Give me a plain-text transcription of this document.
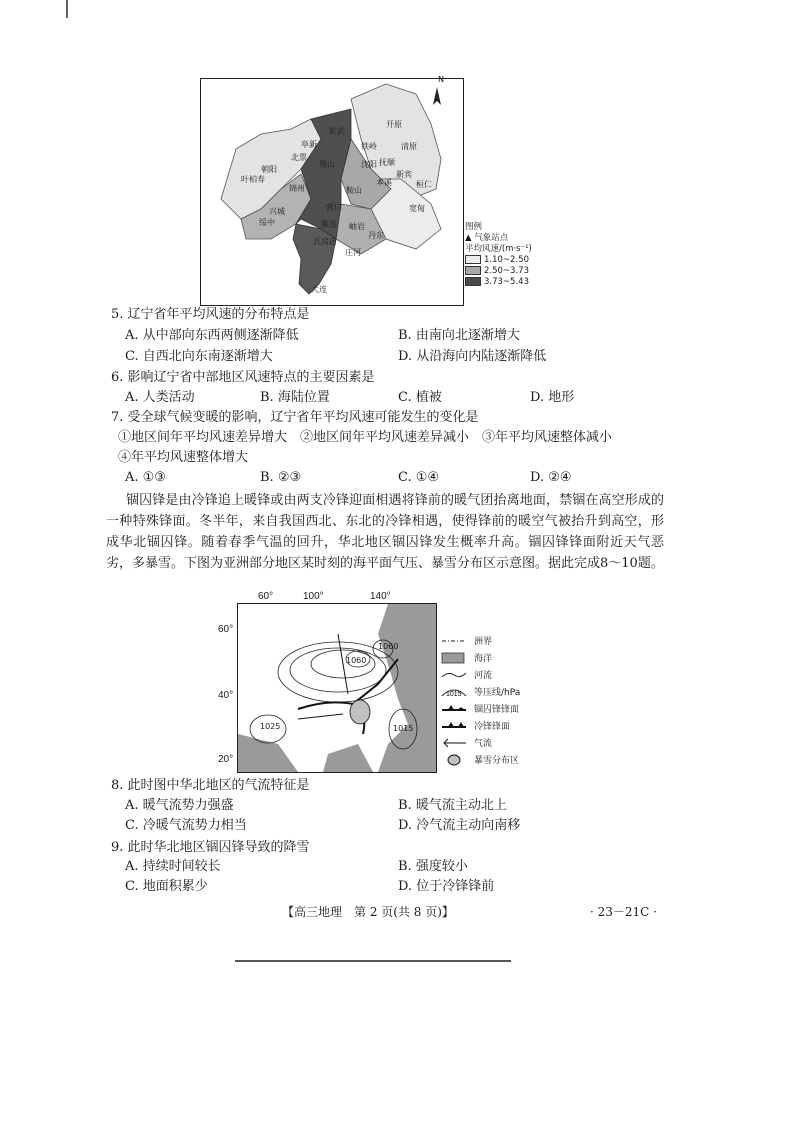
N
彰武
开原
阜新	铁岭	清原
抚顺
北票
黑山	沈阳
新宾
朝阳
叶柏寿	本溪
鞍山
桓仁
锦州
绥中
兴城	营口	宽甸
熊岳 岫岩
丹东
瓦房店
庄河
大连
图例
▲ 气象站点
平均风速/(m·s⁻¹)
1.10~2.50
2.50~3.73
3.73~5.43
5. 辽宁省年平均风速的分布特点是
A. 从中部向东西两侧逐渐降低	B. 由南向北逐渐增大
C. 自西北向东南逐渐增大	D. 从沿海向内陆逐渐降低
6. 影响辽宁省中部地区风速特点的主要因素是
A. 人类活动	B. 海陆位置	C. 植被	D. 地形
7. 受全球气候变暖的影响，辽宁省年平均风速可能发生的变化是
①地区间年平均风速差异增大　②地区间年平均风速差异减小　③年平均风速整体减小
④年平均风速整体增大
A. ①③	B. ②③	C. ①④	D. ②④
锢囚锋是由冷锋追上暖锋或由两支冷锋迎面相遇将锋前的暖气团抬离地面，禁锢在高空形成的一种特殊锋面。冬半年，来自我国西北、东北的冷锋相遇，使得锋前的暖空气被抬升到高空，形成华北锢囚锋。随着春季气温的回升，华北地区锢囚锋发生概率升高。锢囚锋锋面附近天气恶劣，多暴雪。下图为亚洲部分地区某时刻的海平面气压、暴雪分布区示意图。据此完成8～10题。
60°	100°	140°
60°
40°
20°
1060
1060
1025	1015
洲界
海洋
河流
1015 等压线/hPa
锢囚锋锋面
冷锋锋面
气流
暴雪分布区
8. 此时图中华北地区的气流特征是
A. 暖气流势力强盛	B. 暖气流主动北上
C. 冷暖气流势力相当	D. 冷气流主动向南移
9. 此时华北地区锢囚锋导致的降雪
A. 持续时间较长	B. 强度较小
C. 地面积累少	D. 位于冷锋锋前
【高三地理　第 2 页(共 8 页)】	· 23－21C ·
